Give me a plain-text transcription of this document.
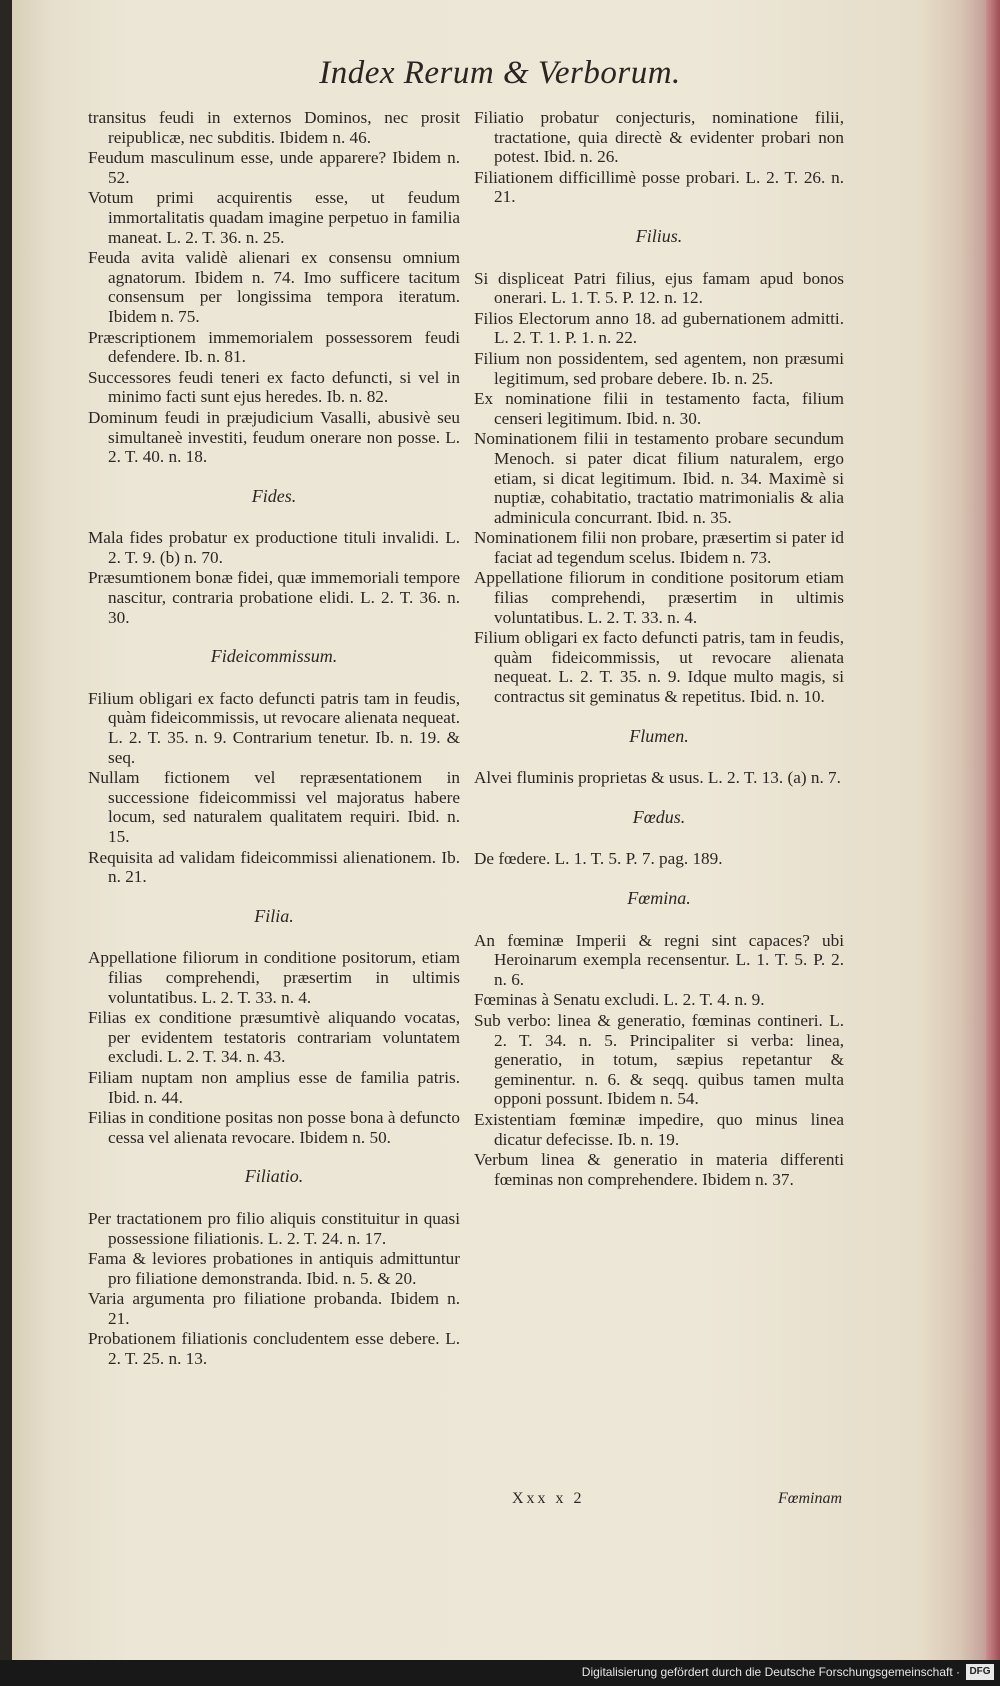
Index Rerum & Verborum.
transitus feudi in externos Dominos, nec prosit reipublicæ, nec subditis. Ibidem n. 46.
Feudum masculinum esse, unde apparere? Ibidem n. 52.
Votum primi acquirentis esse, ut feudum immortalitatis quadam imagine perpetuo in familia maneat. L. 2. T. 36. n. 25.
Feuda avita validè alienari ex consensu omnium agnatorum. Ibidem n. 74. Imo sufficere tacitum consensum per longissima tempora iteratum. Ibidem n. 75.
Præscriptionem immemorialem possessorem feudi defendere. Ib. n. 81.
Successores feudi teneri ex facto defuncti, si vel in minimo facti sunt ejus heredes. Ib. n. 82.
Dominum feudi in præjudicium Vasalli, abusivè seu simultaneè investiti, feudum onerare non posse. L. 2. T. 40. n. 18.
Fides.
Mala fides probatur ex productione tituli invalidi. L. 2. T. 9. (b) n. 70.
Præsumtionem bonæ fidei, quæ immemoriali tempore nascitur, contraria probatione elidi. L. 2. T. 36. n. 30.
Fideicommissum.
Filium obligari ex facto defuncti patris tam in feudis, quàm fideicommissis, ut revocare alienata nequeat. L. 2. T. 35. n. 9. Contrarium tenetur. Ib. n. 19. & seq.
Nullam fictionem vel repræsentationem in successione fideicommissi vel majoratus habere locum, sed naturalem qualitatem requiri. Ibid. n. 15.
Requisita ad validam fideicommissi alienationem. Ib. n. 21.
Filia.
Appellatione filiorum in conditione positorum, etiam filias comprehendi, præsertim in ultimis voluntatibus. L. 2. T. 33. n. 4.
Filias ex conditione præsumtivè aliquando vocatas, per evidentem testatoris contrariam voluntatem excludi. L. 2. T. 34. n. 43.
Filiam nuptam non amplius esse de familia patris. Ibid. n. 44.
Filias in conditione positas non posse bona à defuncto cessa vel alienata revocare. Ibidem n. 50.
Filiatio.
Per tractationem pro filio aliquis constituitur in quasi possessione filiationis. L. 2. T. 24. n. 17.
Fama & leviores probationes in antiquis admittuntur pro filiatione demonstranda. Ibid. n. 5. & 20.
Varia argumenta pro filiatione probanda. Ibidem n. 21.
Probationem filiationis concludentem esse debere. L. 2. T. 25. n. 13.
Filiatio probatur conjecturis, nominatione filii, tractatione, quia directè & evidenter probari non potest. Ibid. n. 26.
Filiationem difficillimè posse probari. L. 2. T. 26. n. 21.
Filius.
Si displiceat Patri filius, ejus famam apud bonos onerari. L. 1. T. 5. P. 12. n. 12.
Filios Electorum anno 18. ad gubernationem admitti. L. 2. T. 1. P. 1. n. 22.
Filium non possidentem, sed agentem, non præsumi legitimum, sed probare debere. Ib. n. 25.
Ex nominatione filii in testamento facta, filium censeri legitimum. Ibid. n. 30.
Nominationem filii in testamento probare secundum Menoch. si pater dicat filium naturalem, ergo etiam, si dicat legitimum. Ibid. n. 34. Maximè si nuptiæ, cohabitatio, tractatio matrimonialis & alia adminicula concurrant. Ibid. n. 35.
Nominationem filii non probare, præsertim si pater id faciat ad tegendum scelus. Ibidem n. 73.
Appellatione filiorum in conditione positorum etiam filias comprehendi, præsertim in ultimis voluntatibus. L. 2. T. 33. n. 4.
Filium obligari ex facto defuncti patris, tam in feudis, quàm fideicommissis, ut revocare alienata nequeat. L. 2. T. 35. n. 9. Idque multo magis, si contractus sit geminatus & repetitus. Ibid. n. 10.
Flumen.
Alvei fluminis proprietas & usus. L. 2. T. 13. (a) n. 7.
Fœdus.
De fœdere. L. 1. T. 5. P. 7. pag. 189.
Fœmina.
An fœminæ Imperii & regni sint capaces? ubi Heroinarum exempla recensentur. L. 1. T. 5. P. 2. n. 6.
Fœminas à Senatu excludi. L. 2. T. 4. n. 9.
Sub verbo: linea & generatio, fœminas contineri. L. 2. T. 34. n. 5. Principaliter si verba: linea, generatio, in totum, sæpius repetantur & geminentur. n. 6. & seqq. quibus tamen multa opponi possunt. Ibidem n. 54.
Existentiam fœminæ impedire, quo minus linea dicatur defecisse. Ib. n. 19.
Verbum linea & generatio in materia differenti fœminas non comprehendere. Ibidem n. 37.
Xxx x 2	Fœminam
Digitalisierung gefördert durch die Deutsche Forschungsgemeinschaft · DFG
